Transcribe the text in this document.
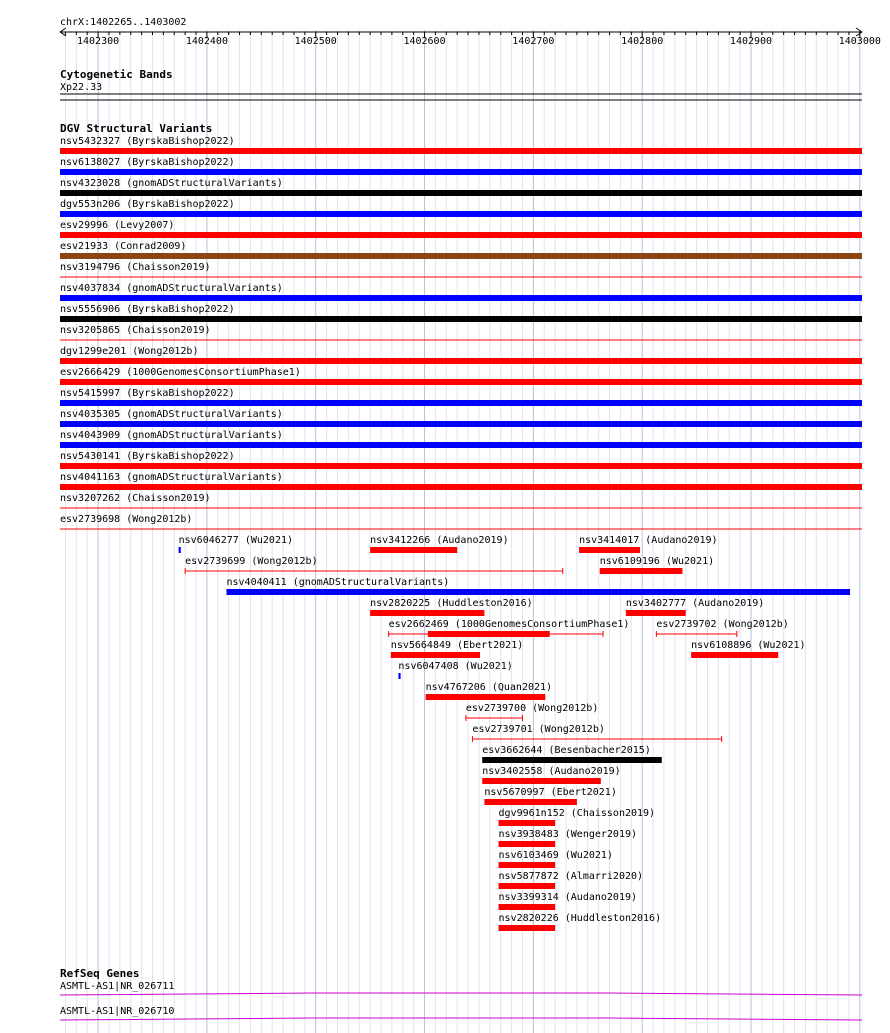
chrX:1402265..1403002
1402300	1402400	1402500	1402600	1402700	1402800	1402900	1403000
Cytogenetic Bands
Xp22.33
DGV Structural Variants
nsv5432327 (ByrskaBishop2022)
nsv6138027 (ByrskaBishop2022)
nsv4323028 (gnomADStructuralVariants)
dgv553n206 (ByrskaBishop2022)
esv29996 (Levy2007)
esv21933 (Conrad2009)
nsv3194796 (Chaisson2019)
nsv4037834 (gnomADStructuralVariants)
nsv5556906 (ByrskaBishop2022)
nsv3205865 (Chaisson2019)
dgv1299e201 (Wong2012b)
esv2666429 (1000GenomesConsortiumPhase1)
nsv5415997 (ByrskaBishop2022)
nsv4035305 (gnomADStructuralVariants)
nsv4043909 (gnomADStructuralVariants)
nsv5430141 (ByrskaBishop2022)
nsv4041163 (gnomADStructuralVariants)
nsv3207262 (Chaisson2019)
esv2739698 (Wong2012b)
nsv6046277 (Wu2021)	nsv3412266 (Audano2019)	nsv3414017 (Audano2019)
esv2739699 (Wong2012b)	nsv6109196 (Wu2021)
nsv4040411 (gnomADStructuralVariants)
nsv2820225 (Huddleston2016)	nsv3402777 (Audano2019)
esv2662469 (1000GenomesConsortiumPhase1)	esv2739702 (Wong2012b)
nsv5664849 (Ebert2021)	nsv6108896 (Wu2021)
nsv6047408 (Wu2021)
nsv4767206 (Quan2021)
esv2739700 (Wong2012b)
esv2739701 (Wong2012b)
esv3662644 (Besenbacher2015)
nsv3402558 (Audano2019)
nsv5670997 (Ebert2021)
dgv9961n152 (Chaisson2019)
nsv3938483 (Wenger2019)
nsv6103469 (Wu2021)
nsv5877872 (Almarri2020)
nsv3399314 (Audano2019)
nsv2820226 (Huddleston2016)
RefSeq Genes
ASMTL-AS1|NR_026711
ASMTL-AS1|NR_026710
